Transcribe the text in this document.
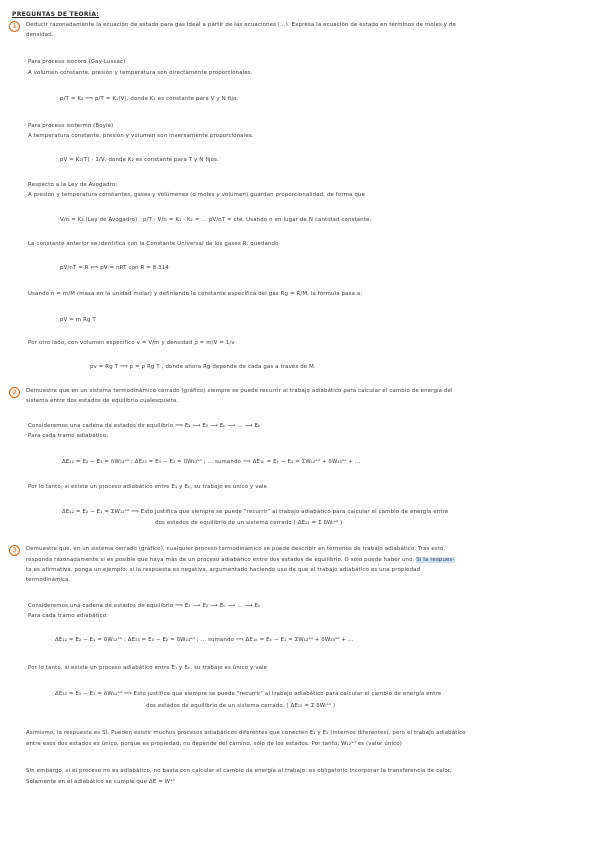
PREGUNTAS DE TEORÍA:
1	Deducir razonadamente la ecuación de estado para gas ideal a partir de las ecuaciones (...). Expresa la ecuación de estado en términos de moles y de
densidad.
Para proceso isócoro (Gay-Lussac)
A volumen constante, presión y temperatura son directamente proporcionales.
p/T = K₁ ⟹ p/T = K₁(V), donde K₁ es constante para V y N fijo.
Para proceso isotermo (Boyle)
A temperatura constante, presión y volumen son inversamente proporcionales.
pV = K₂(T) · 1/V, donde K₂ es constante para T y N fijos.
Respecto a la Ley de Avogadro:
A presión y temperatura constantes, gases y volúmenes (o moles y volumen) guardan proporcionalidad, de forma que
V/n = K₃ (Ley de Avogadro) ; p/T · V/n = K₁ · K₂ = ... pV/nT = cte. Usando n en lugar de N cantidad constante.
La constante anterior se identifica con la Constante Universal de los gases R, quedando
pV/nT = R ⟺ pV = nRT con R = 8,314
Usando n = m/M (masa en la unidad molar) y definiendo la constante específica del gas Rg = R/M, la fórmula pasa a:
pV = m Rg T
Por otro lado, con volumen específico v = V/m y densidad ρ = m/V = 1/v
pv = Rg T ⟹ p = ρ Rg T , donde ahora Rg depende de cada gas a través de M.
2	Demuestre que en un sistema termodinámico cerrado (gráfico) siempre se puede recurrir al trabajo adiabático para calcular el cambio de energía del
sistema entre dos estados de equilibrio cualesquiera.
Consideremos una cadena de estados de equilibrio ⟹ E₁ ⟶ E₂ ⟶ Eₙ ⟶ ... ⟶ Eₖ
Para cada tramo adiabático:
ΔE₁₂ = E₂ − E₁ = δW₁₂ᵃᵈ ; ΔE₂₃ = E₃ − E₂ = δW₂₃ᵃᵈ ; ... sumando ⟹ ΔE₁ₖ = Eₖ − E₁ = ΣW₁₂ᵃᵈ + δW₂₃ᵃᵈ + ...
Por lo tanto, si existe un proceso adiabático entre E₁ y Eₖ, su trabajo es único y vale
ΔE₁₂ = E₂ − E₁ = ΣW₁₂ᵃᵈ ⟹ Esto justifica que siempre se puede "recurrir" al trabajo adiabático para calcular el cambio de energía entre
dos estados de equilibrio de un sistema cerrado ( ΔE₁₂ = Σ δWᵢᵃᵈ )
3	Demuestre que, en un sistema cerrado (gráfico), cualquier proceso termodinámico se puede describir en términos de trabajo adiabático. Tras esto,
responda razonadamente si es posible que haya más de un proceso adiabático entre dos estados de equilibrio. O sólo puede haber uno. Si la respues-
ta es afirmativa, ponga un ejemplo; si la respuesta es negativa, argumentado haciendo uso de que el trabajo adiabático es una propiedad
termodinámica.
Consideremos una cadena de estados de equilibrio ⟹ E₁ ⟶ E₂ ⟶ Eₙ ⟶ ... ⟶ Eₖ
Para cada tramo adiabático:
ΔE₁₂ = E₂ − E₁ = δW₁₂ᵃᵈ ; ΔE₂₃ = E₃ − E₂ = δW₂₃ᵃᵈ ; ... sumando ⟹ ΔE₁ₖ = Eₖ − E₁ = ΣW₁₂ᵃᵈ + δW₂₃ᵃᵈ + ...
Por lo tanto, si existe un proceso adiabático entre E₁ y Eₖ, su trabajo es único y vale
ΔE₁₂ = E₂ − E₁ = δW₁₂ᵃᵈ ⟹ Esto justifica que siempre se puede "recurrir" al trabajo adiabático para calcular el cambio de energía entre
dos estados de equilibrio de un sistema cerrado. ( ΔE₁₂ = Σ δWᵢᵃᵈ )
Asimismo, la respuesta es SÍ. Pueden existir muchos procesos adiabáticos diferentes que conecten E₁ y E₂ (internos diferentes), pero el trabajo adiabático
entre esos dos estados es único, porque es propiedad: no depende del camino, sólo de los estados. Por tanto, W₁₂ᵃᵈ es (valor único)
Sin embargo, si el proceso no es adiabático, no basta con calcular el cambio de energía al trabajo: es obligatorio incorporar la transferencia de calor.
Solamente en el adiabático se cumple que ΔE = Wᵃᵈ
